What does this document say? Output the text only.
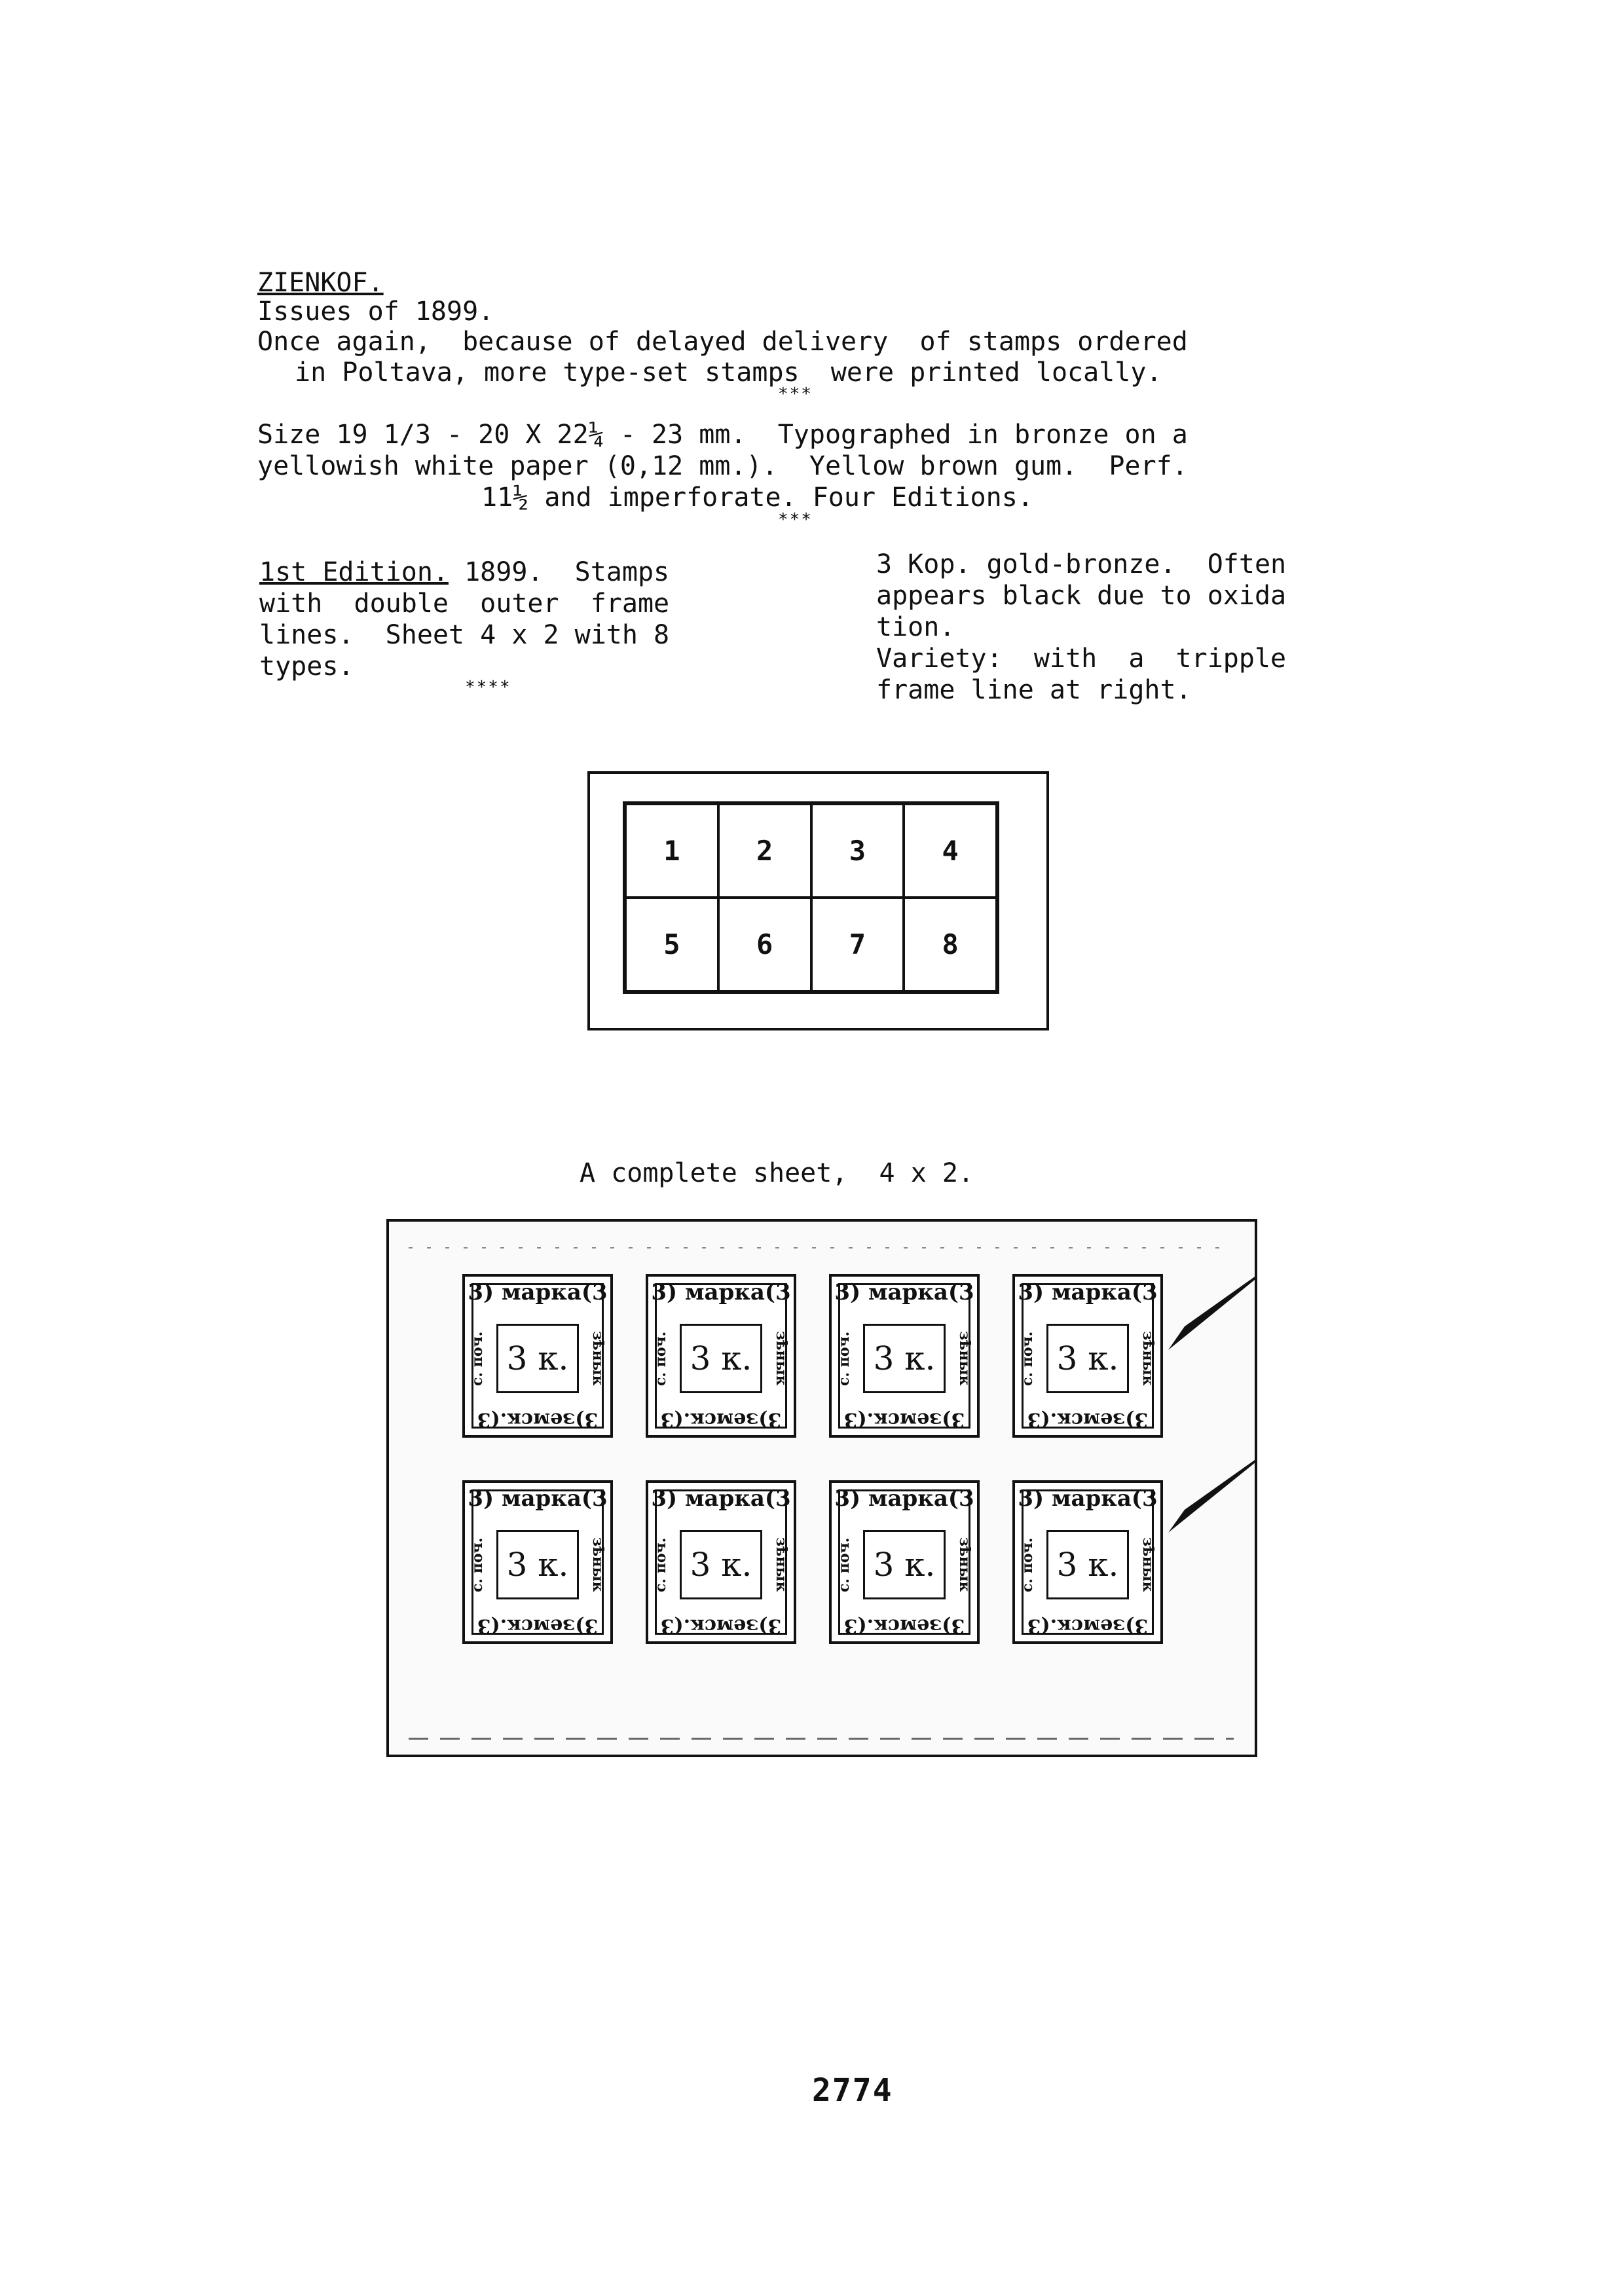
ZIENKOF.
Issues of 1899.
Once again,  because of delayed delivery  of stamps ordered
in Poltava, more type-set stamps  were printed locally.
***
Size 19 1/3 - 20 X 22¼ - 23 mm.  Typographed in bronze on a
yellowish white paper (0,12 mm.).  Yellow brown gum.  Perf.
11½ and imperforate. Four Editions.
***
1st Edition. 1899.  Stamps
with  double  outer  frame
lines.  Sheet 4 x 2 with 8
types.
****
3 Kop. gold-bronze.  Often
appears black due to oxida
tion.
Variety:  with  a  tripple
frame line at right.
1	2	3	4
5	6	7	8
A complete sheet,  4 x 2.
3) марка(3
с. поч. 3 к.	зѣнык
3)земск.(3
3) марка(3
с. поч. 3 к.	зѣнык
3)земск.(3
3) марка(3
с. поч. 3 к.	зѣнык
3)земск.(3
3) марка(3
с. поч. 3 к.	зѣнык
3)земск.(3
3) марка(3
с. поч. 3 к.	зѣнык
3)земск.(3
3) марка(3
с. поч. 3 к.	зѣнык
3)земск.(3
3) марка(3
с. поч. 3 к.	зѣнык
3)земск.(3
3) марка(3
с. поч. 3 к.	зѣнык
3)земск.(3
2774
